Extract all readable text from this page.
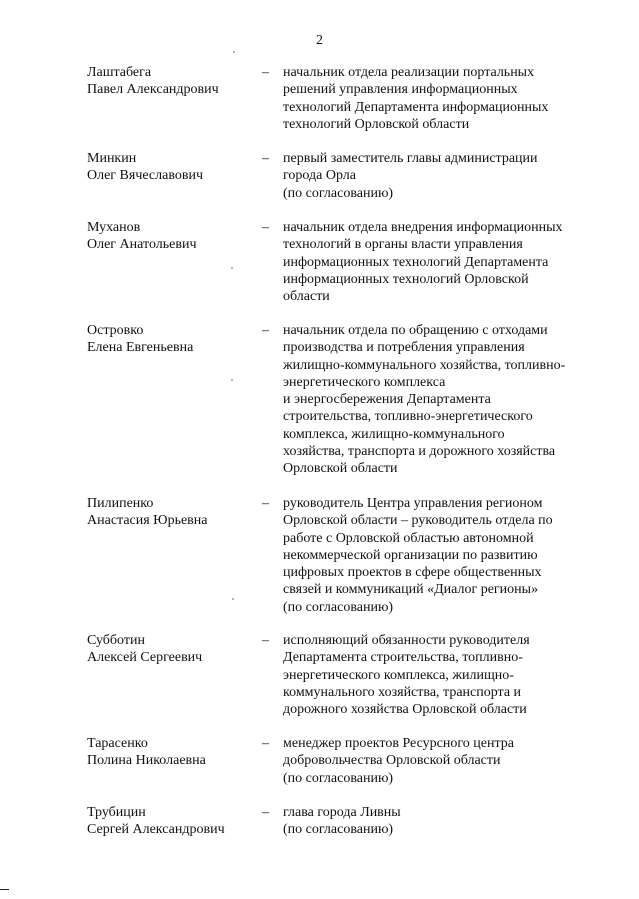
2
Лаштабега
Павел Александрович
– начальник отдела реализации портальных
решений управления информационных
технологий Департамента информационных
технологий Орловской области
Минкин
Олег Вячеславович
– первый заместитель главы администрации
города Орла
(по согласованию)
Муханов
Олег Анатольевич
– начальник отдела внедрения информационных
технологий в органы власти управления
информационных технологий Департамента
информационных технологий Орловской
области
Островко
Елена Евгеньевна
– начальник отдела по обращению с отходами
производства и потребления управления
жилищно-коммунального хозяйства, топливно-
энергетического комплекса
и энергосбережения Департамента
строительства, топливно-энергетического
комплекса, жилищно-коммунального
хозяйства, транспорта и дорожного хозяйства
Орловской области
Пилипенко
Анастасия Юрьевна
– руководитель Центра управления регионом
Орловской области – руководитель отдела по
работе с Орловской областью автономной
некоммерческой организации по развитию
цифровых проектов в сфере общественных
связей и коммуникаций «Диалог регионы»
(по согласованию)
Субботин
Алексей Сергеевич
– исполняющий обязанности руководителя
Департамента строительства, топливно-
энергетического комплекса, жилищно-
коммунального хозяйства, транспорта и
дорожного хозяйства Орловской области
Тарасенко
Полина Николаевна
– менеджер проектов Ресурсного центра
добровольчества Орловской области
(по согласованию)
Трубицин
Сергей Александрович
– глава города Ливны
(по согласованию)
